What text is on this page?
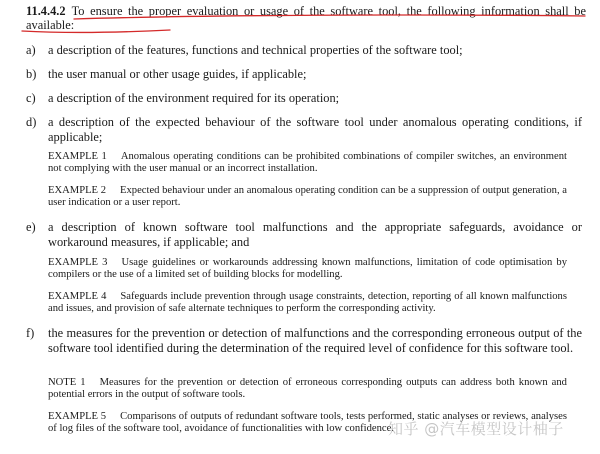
11.4.4.2 To ensure the proper evaluation or usage of the software tool, the following information shall be available:
a) a description of the features, functions and technical properties of the software tool;
b) the user manual or other usage guides, if applicable;
c) a description of the environment required for its operation;
d) a description of the expected behaviour of the software tool under anomalous operating conditions, if applicable;
EXAMPLE 1 Anomalous operating conditions can be prohibited combinations of compiler switches, an environment not complying with the user manual or an incorrect installation.
EXAMPLE 2 Expected behaviour under an anomalous operating condition can be a suppression of output generation, a user indication or a user report.
e) a description of known software tool malfunctions and the appropriate safeguards, avoidance or workaround measures, if applicable; and
EXAMPLE 3 Usage guidelines or workarounds addressing known malfunctions, limitation of code optimisation by compilers or the use of a limited set of building blocks for modelling.
EXAMPLE 4 Safeguards include prevention through usage constraints, detection, reporting of all known malfunctions and issues, and provision of safe alternate techniques to perform the corresponding activity.
f) the measures for the prevention or detection of malfunctions and the corresponding erroneous output of the software tool identified during the determination of the required level of confidence for this software tool.
NOTE 1 Measures for the prevention or detection of erroneous corresponding outputs can address both known and potential errors in the output of software tools.
EXAMPLE 5 Comparisons of outputs of redundant software tools, tests performed, static analyses or reviews, analyses of log files of the software tool, avoidance of functionalities with low confidence.
知乎 @汽车模型设计柚子
